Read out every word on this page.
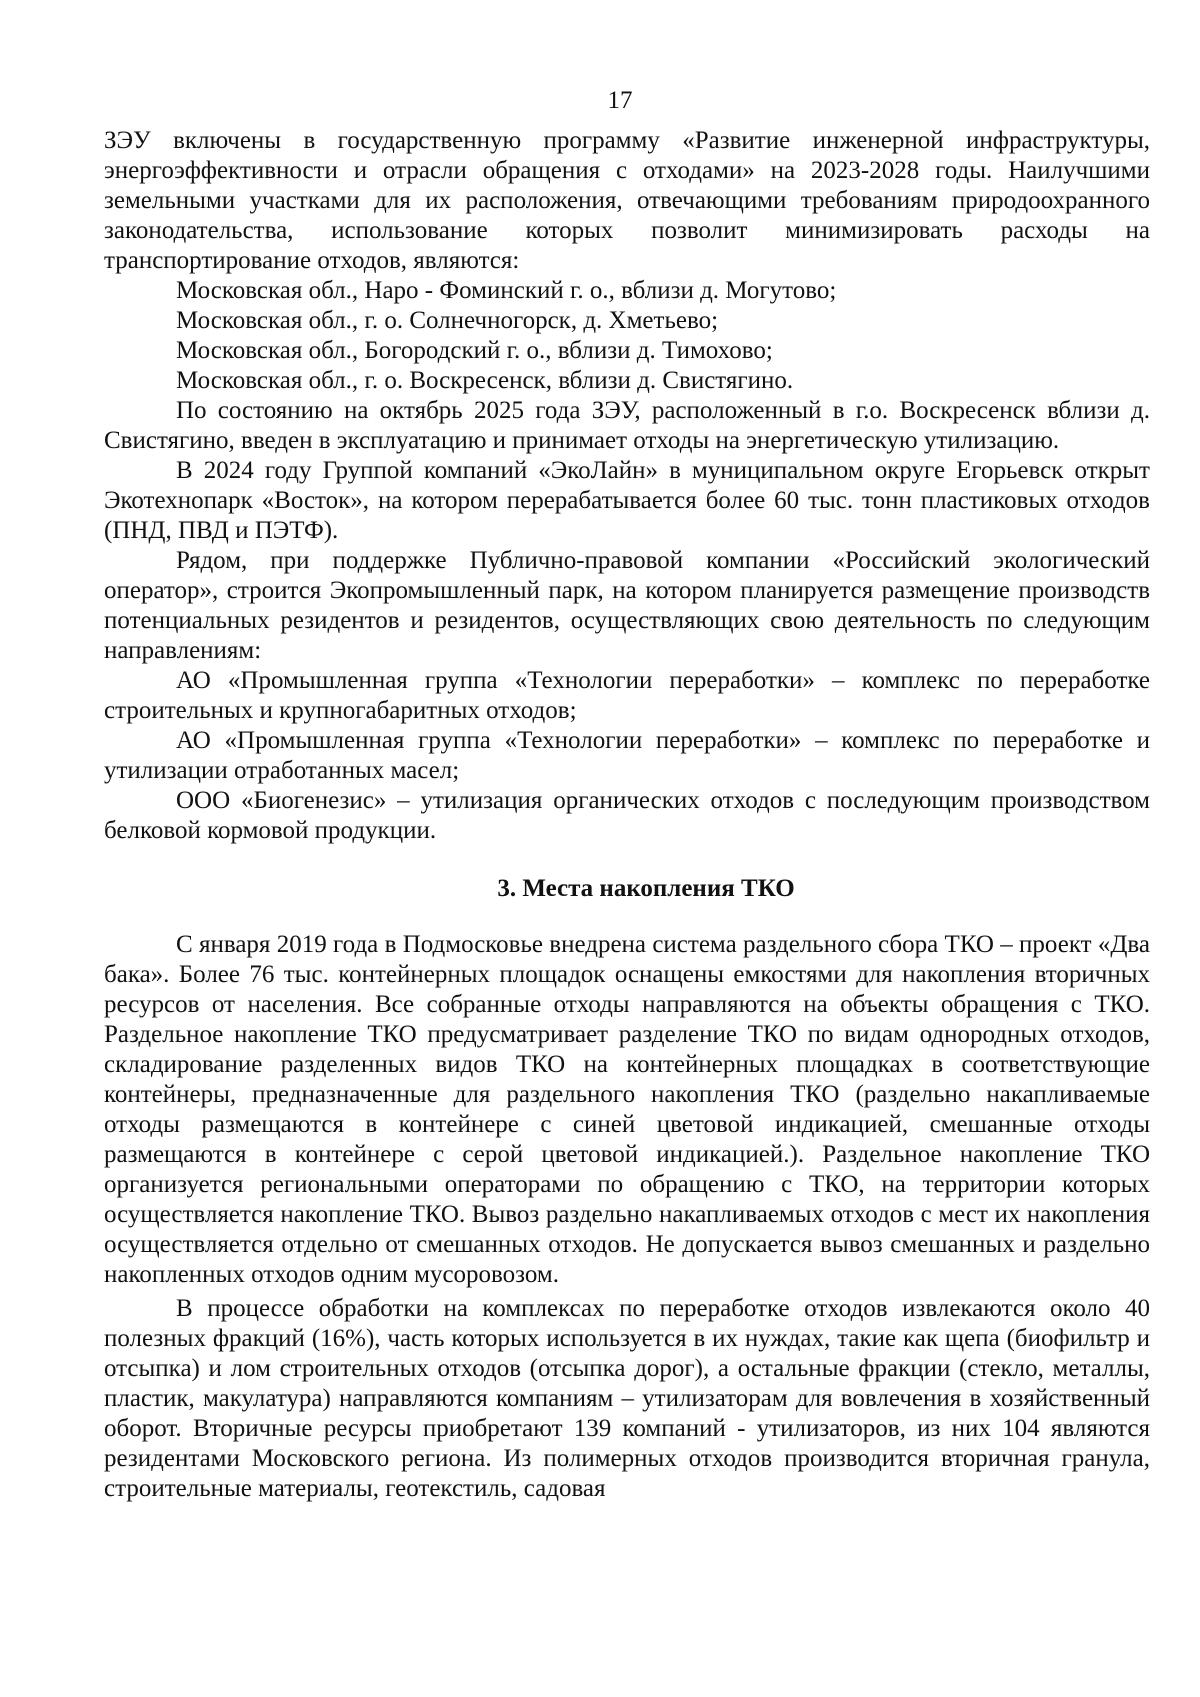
17

ЗЭУ включены в государственную программу «Развитие инженерной инфраструктуры, энергоэффективности и отрасли обращения с отходами» на 2023-2028 годы. Наилучшими земельными участками для их расположения, отвечающими требованиям природоохранного законодательства, использование которых позволит минимизировать расходы на транспортирование отходов, являются:

Московская обл., Наро - Фоминский г. о., вблизи д. Могутово;

Московская обл., г. о. Солнечногорск, д. Хметьево;

Московская обл., Богородский г. о., вблизи д. Тимохово;

Московская обл., г. о. Воскресенск, вблизи д. Свистягино.

По состоянию на октябрь 2025 года ЗЭУ, расположенный в г.о. Воскресенск вблизи д. Свистягино, введен в эксплуатацию и принимает отходы на энергетическую утилизацию.

В 2024 году Группой компаний «ЭкоЛайн» в муниципальном округе Егорьевск открыт Экотехнопарк «Восток», на котором перерабатывается более 60 тыс. тонн пластиковых отходов (ПНД, ПВД и ПЭТФ).

Рядом, при поддержке Публично-правовой компании «Российский экологический оператор», строится Экопромышленный парк, на котором планируется размещение производств потенциальных резидентов и резидентов, осуществляющих свою деятельность по следующим направлениям:

АО «Промышленная группа «Технологии переработки» – комплекс по переработке строительных и крупногабаритных отходов;

АО «Промышленная группа «Технологии переработки» – комплекс по переработке и утилизации отработанных масел;

ООО «Биогенезис» – утилизация органических отходов с последующим производством белковой кормовой продукции.

3. Места накопления ТКО

С января 2019 года в Подмосковье внедрена система раздельного сбора ТКО – проект «Два бака». Более 76 тыс. контейнерных площадок оснащены емкостями для накопления вторичных ресурсов от населения. Все собранные отходы направляются на объекты обращения с ТКО. Раздельное накопление ТКО предусматривает разделение ТКО по видам однородных отходов, складирование разделенных видов ТКО на контейнерных площадках в соответствующие контейнеры, предназначенные для раздельного накопления ТКО (раздельно накапливаемые отходы размещаются в контейнере с синей цветовой индикацией, смешанные отходы размещаются в контейнере с серой цветовой индикацией.). Раздельное накопление ТКО организуется региональными операторами по обращению с ТКО, на территории которых осуществляется накопление ТКО. Вывоз раздельно накапливаемых отходов с мест их накопления осуществляется отдельно от смешанных отходов. Не допускается вывоз смешанных и раздельно накопленных отходов одним мусоровозом.

В процессе обработки на комплексах по переработке отходов извлекаются около 40 полезных фракций (16%), часть которых используется в их нуждах, такие как щепа (биофильтр и отсыпка) и лом строительных отходов (отсыпка дорог), а остальные фракции (стекло, металлы, пластик, макулатура) направляются компаниям – утилизаторам для вовлечения в хозяйственный оборот. Вторичные ресурсы приобретают 139 компаний - утилизаторов, из них 104 являются резидентами Московского региона. Из полимерных отходов производится вторичная гранула, строительные материалы, геотекстиль, садовая
